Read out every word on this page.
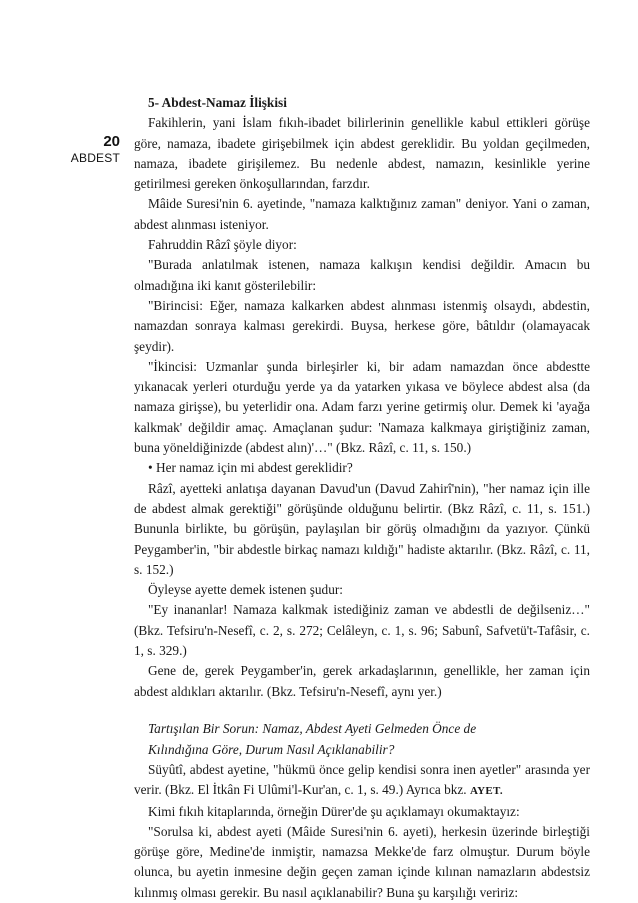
20
ABDEST
5- Abdest-Namaz İlişkisi

Fakihlerin, yani İslam fıkıh-ibadet bilirlerinin genellikle kabul ettikleri görüşe göre, namaza, ibadete girişebilmek için abdest gereklidir. Bu yoldan geçilmeden, namaza, ibadete girişilemez. Bu nedenle abdest, namazın, kesinlikle yerine getirilmesi gereken önkoşullarından, farzdır.

Mâide Suresi'nin 6. ayetinde, "namaza kalktığınız zaman" deniyor. Yani o zaman, abdest alınması isteniyor.

Fahruddin Râzî şöyle diyor:

"Burada anlatılmak istenen, namaza kalkışın kendisi değildir. Amacın bu olmadığına iki kanıt gösterilebilir:

"Birincisi: Eğer, namaza kalkarken abdest alınması istenmiş olsaydı, abdestin, namazdan sonraya kalması gerekirdi. Buysa, herkese göre, bâtıldır (olamayacak şeydir).

"İkincisi: Uzmanlar şunda birleşirler ki, bir adam namazdan önce abdestte yıkanacak yerleri oturduğu yerde ya da yatarken yıkasa ve böylece abdest alsa (da namaza girişse), bu yeterlidir ona. Adam farzı yerine getirmiş olur. Demek ki 'ayağa kalkmak' değildir amaç. Amaçlanan şudur: 'Namaza kalkmaya giriştiğiniz zaman, buna yöneldiğinizde (abdest alın)'…" (Bkz. Râzî, c. 11, s. 150.)

• Her namaz için mi abdest gereklidir?

Râzî, ayetteki anlatışa dayanan Davud'un (Davud Zahirî'nin), "her namaz için ille de abdest almak gerektiği" görüşünde olduğunu belirtir. (Bkz Râzî, c. 11, s. 151.) Bununla birlikte, bu görüşün, paylaşılan bir görüş olmadığını da yazıyor. Çünkü Peygamber'in, "bir abdestle birkaç namazı kıldığı" hadiste aktarılır. (Bkz. Râzî, c. 11, s. 152.)

Öyleyse ayette demek istenen şudur:

"Ey inananlar! Namaza kalkmak istediğiniz zaman ve abdestli de değilseniz…" (Bkz. Tefsiru'n-Nesefî, c. 2, s. 272; Celâleyn, c. 1, s. 96; Sabunî, Safvetü't-Tafâsir, c. 1, s. 329.)

Gene de, gerek Peygamber'in, gerek arkadaşlarının, genellikle, her zaman için abdest aldıkları aktarılır. (Bkz. Tefsiru'n-Nesefî, aynı yer.)

Tartışılan Bir Sorun: Namaz, Abdest Ayeti Gelmeden Önce de
Kılındığına Göre, Durum Nasıl Açıklanabilir?

Süyûtî, abdest ayetine, "hükmü önce gelip kendisi sonra inen ayetler" arasında yer verir. (Bkz. El İtkân Fi Ulûmi'l-Kur'an, c. 1, s. 49.) Ayrıca bkz. AYET.

Kimi fıkıh kitaplarında, örneğin Dürer'de şu açıklamayı okumaktayız:

"Sorulsa ki, abdest ayeti (Mâide Suresi'nin 6. ayeti), herkesin üzerinde birleştiği görüşe göre, Medine'de inmiştir, namazsa Mekke'de farz olmuştur. Durum böyle olunca, bu ayetin inmesine değin geçen zaman içinde kılınan namazların abdestsiz kılınmış olması gerekir. Bu nasıl açıklanabilir? Buna şu karşılığı veririz:
